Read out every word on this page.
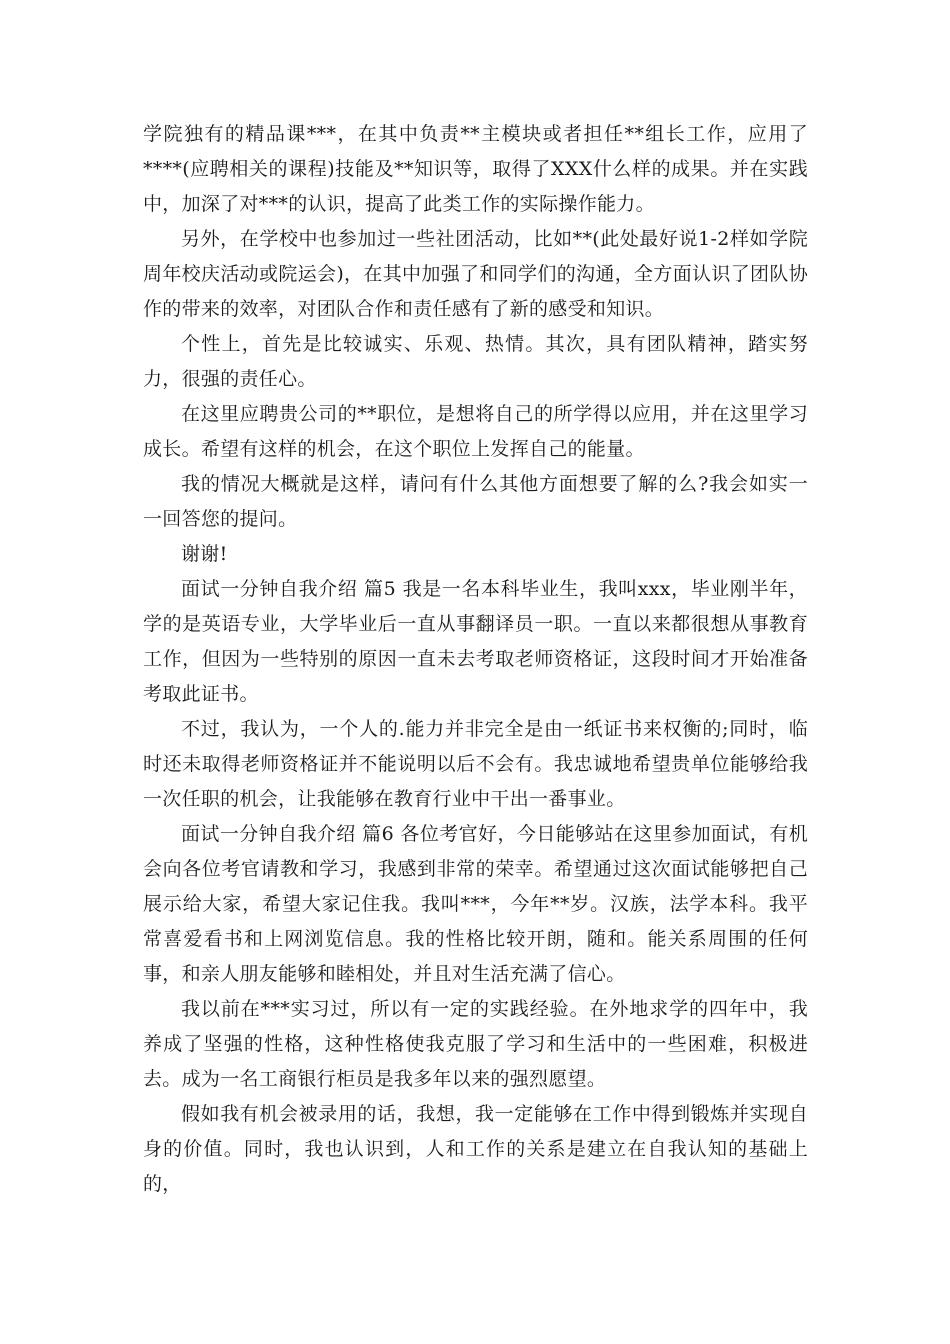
学院独有的精品课***，在其中负责**主模块或者担任**组长工作，应用了****(应聘相关的课程)技能及**知识等，取得了XXX什么样的成果。并在实践中，加深了对***的认识，提高了此类工作的实际操作能力。

另外，在学校中也参加过一些社团活动，比如**(此处最好说1-2样如学院周年校庆活动或院运会)，在其中加强了和同学们的沟通，全方面认识了团队协作的带来的效率，对团队合作和责任感有了新的感受和知识。

个性上，首先是比较诚实、乐观、热情。其次，具有团队精神，踏实努力，很强的责任心。

在这里应聘贵公司的**职位，是想将自己的所学得以应用，并在这里学习成长。希望有这样的机会，在这个职位上发挥自己的能量。

我的情况大概就是这样，请问有什么其他方面想要了解的么?我会如实一一回答您的提问。

谢谢!

面试一分钟自我介绍 篇5 我是一名本科毕业生，我叫xxx，毕业刚半年，学的是英语专业，大学毕业后一直从事翻译员一职。一直以来都很想从事教育工作，但因为一些特别的原因一直未去考取老师资格证，这段时间才开始准备考取此证书。

不过，我认为，一个人的.能力并非完全是由一纸证书来权衡的;同时，临时还未取得老师资格证并不能说明以后不会有。我忠诚地希望贵单位能够给我一次任职的机会，让我能够在教育行业中干出一番事业。

面试一分钟自我介绍 篇6 各位考官好，今日能够站在这里参加面试，有机会向各位考官请教和学习，我感到非常的荣幸。希望通过这次面试能够把自己展示给大家，希望大家记住我。我叫***，今年**岁。汉族，法学本科。我平常喜爱看书和上网浏览信息。我的性格比较开朗，随和。能关系周围的任何事，和亲人朋友能够和睦相处，并且对生活充满了信心。

我以前在***实习过，所以有一定的实践经验。在外地求学的四年中，我养成了坚强的性格，这种性格使我克服了学习和生活中的一些困难，积极进去。成为一名工商银行柜员是我多年以来的强烈愿望。

假如我有机会被录用的话，我想，我一定能够在工作中得到锻炼并实现自身的价值。同时，我也认识到，人和工作的关系是建立在自我认知的基础上的，
